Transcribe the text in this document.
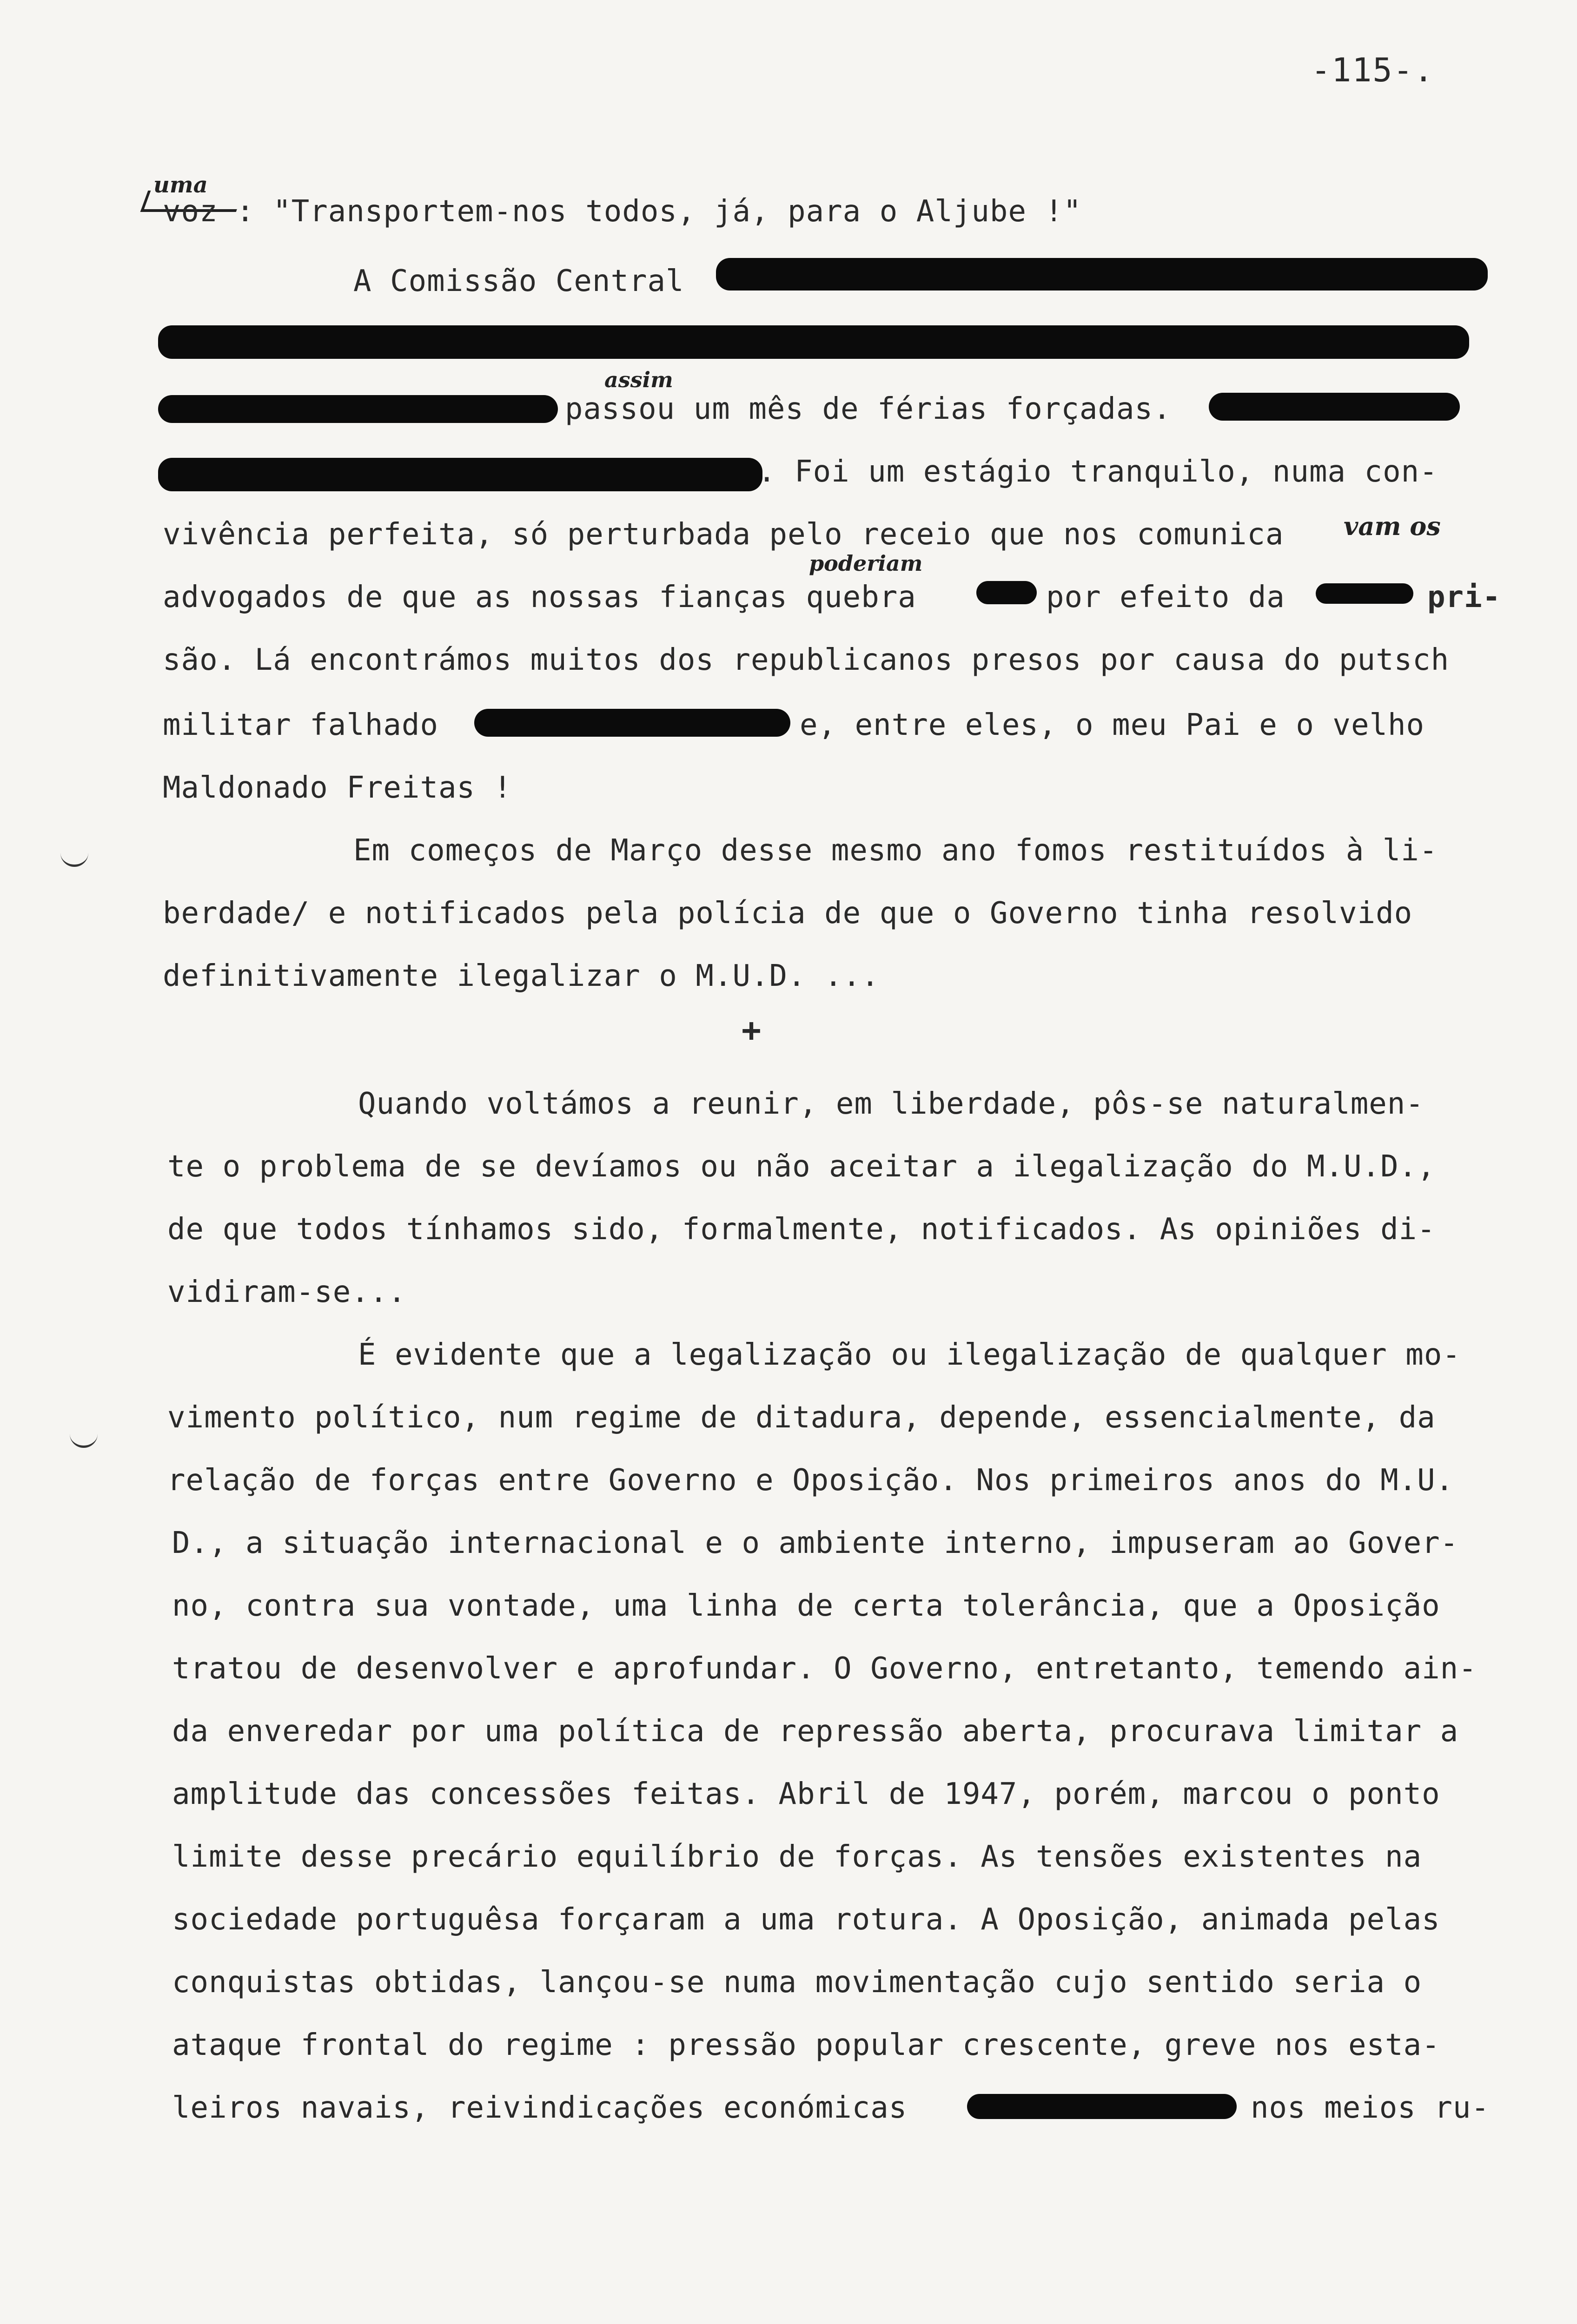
-115-.
uma
voz : "Transportem-nos todos, já, para o Aljube !"
A Comissão Central
assim
passou um mês de férias forçadas.
. Foi um estágio tranquilo, numa con-
vivência perfeita, só perturbada pelo receio que nos comunica vam os
poderiam
advogados de que as nossas fianças quebra	por efeito da	pri-
são. Lá encontrámos muitos dos republicanos presos por causa do putsch
militar falhado	e, entre eles, o meu Pai e o velho
Maldonado Freitas !
Em começos de Março desse mesmo ano fomos restituídos à li-
berdade/ e notificados pela polícia de que o Governo tinha resolvido
definitivamente ilegalizar o M.U.D. ...
+
Quando voltámos a reunir, em liberdade, pôs-se naturalmen-
te o problema de se devíamos ou não aceitar a ilegalização do M.U.D.,
de que todos tínhamos sido, formalmente, notificados. As opiniões di-
vidiram-se...
É evidente que a legalização ou ilegalização de qualquer mo-
vimento político, num regime de ditadura, depende, essencialmente, da
relação de forças entre Governo e Oposição. Nos primeiros anos do M.U.
D., a situação internacional e o ambiente interno, impuseram ao Gover-
no, contra sua vontade, uma linha de certa tolerância, que a Oposição
tratou de desenvolver e aprofundar. O Governo, entretanto, temendo ain-
da enveredar por uma política de repressão aberta, procurava limitar a
amplitude das concessões feitas. Abril de 1947, porém, marcou o ponto
limite desse precário equilíbrio de forças. As tensões existentes na
sociedade portuguêsa forçaram a uma rotura. A Oposição, animada pelas
conquistas obtidas, lançou-se numa movimentação cujo sentido seria o
ataque frontal do regime : pressão popular crescente, greve nos esta-
leiros navais, reivindicações económicas	nos meios ru-
